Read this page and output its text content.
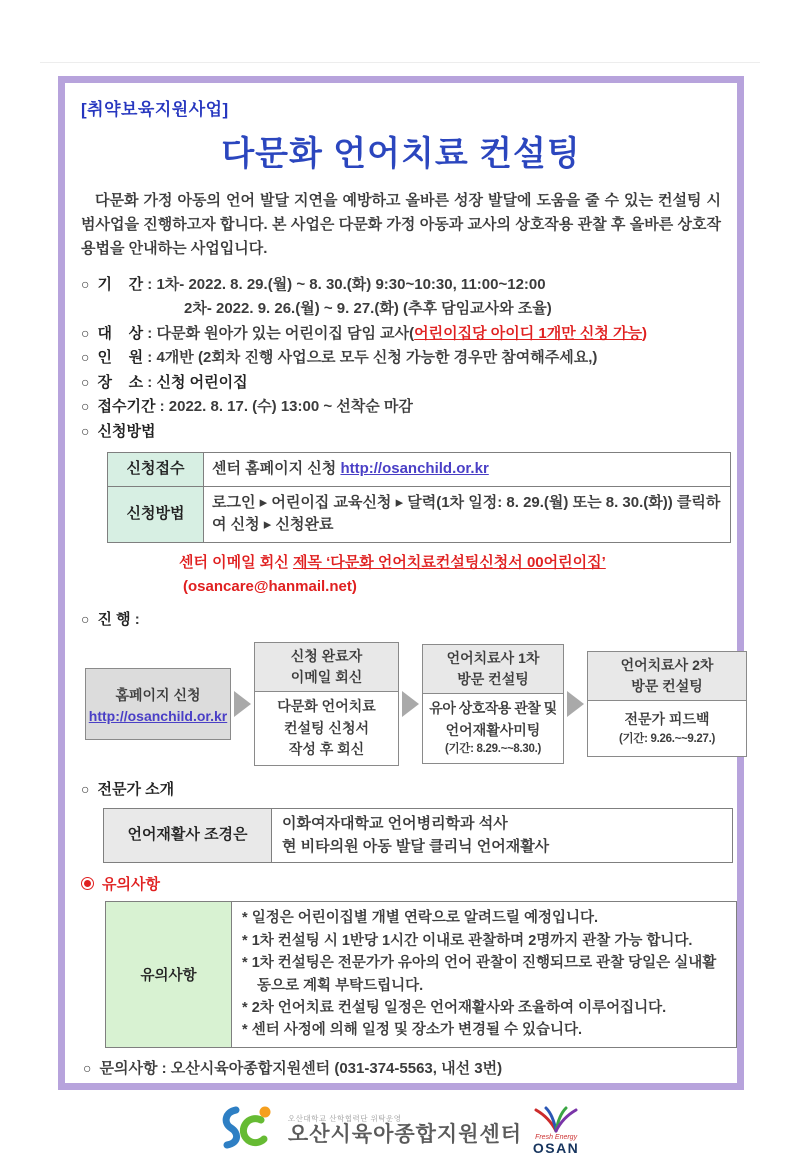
[취약보육지원사업]
다문화 언어치료 컨설팅

다문화 가정 아동의 언어 발달 지연을 예방하고 올바른 성장 발달에 도움을 줄 수 있는 컨설팅 시범사업을 진행하고자 합니다. 본 사업은 다문화 가정 아동과 교사의 상호작용 관찰 후 올바른 상호작용법을 안내하는 사업입니다.

○ 기    간 : 1차- 2022. 8. 29.(월) ~ 8. 30.(화) 9:30~10:30, 11:00~12:00
2차- 2022. 9. 26.(월) ~ 9. 27.(화) (추후 담임교사와 조율)
○ 대    상 : 다문화 원아가 있는 어린이집 담임 교사(어린이집당 아이디 1개만 신청 가능)
○ 인    원 : 4개반 (2회차 진행 사업으로 모두 신청 가능한 경우만 참여해주세요,)
○ 장    소 : 신청 어린이집
○ 접수기간 : 2022. 8. 17. (수) 13:00 ~ 선착순 마감
○ 신청방법
신청접수	센터 홈페이지 신청 http://osanchild.or.kr
신청방법	로그인 ▸ 어린이집 교육신청 ▸ 달력(1차 일정: 8. 29.(월) 또는 8. 30.(화)) 클릭하여 신청 ▸ 신청완료
센터 이메일 회신 제목 ‘다문화 언어치료컨설팅신청서 00어린이집’
(osancare@hanmail.net)
○ 진 행 :
홈페이지 신청
http://osanchild.or.kr
신청 완료자
이메일 회신
다문화 언어치료
컨설팅 신청서
작성 후 회신
언어치료사 1차
방문 컨설팅
유아 상호작용 관찰 및
언어재활사미팅
(기간: 8.29.~~8.30.)
언어치료사 2차
방문 컨설팅
전문가 피드백
(기간: 9.26.~~9.27.)
○ 전문가 소개
언어재활사 조경은	
이화여자대학교 언어병리학과 석사
현 비타의원 아동 발달 클리닉 언어재활사
유의사항
유의사항	
* 일정은 어린이집별 개별 연락으로 알려드릴 예정입니다.
* 1차 컨설팅 시 1반당 1시간 이내로 관찰하며 2명까지 관찰 가능 합니다.
* 1차 컨설팅은 전문가가 유아의 언어 관찰이 진행되므로 관찰 당일은 실내활동으로 계획 부탁드립니다.
* 2차 언어치료 컨설팅 일정은 언어재활사와 조율하여 이루어집니다.
* 센터 사정에 의해 일정 및 장소가 변경될 수 있습니다.
○ 문의사항 : 오산시육아종합지원센터 (031-374-5563, 내선 3번)
오산대학교 산학협력단 위탁운영
오산시육아종합지원센터 Fresh Energy
OSAN
